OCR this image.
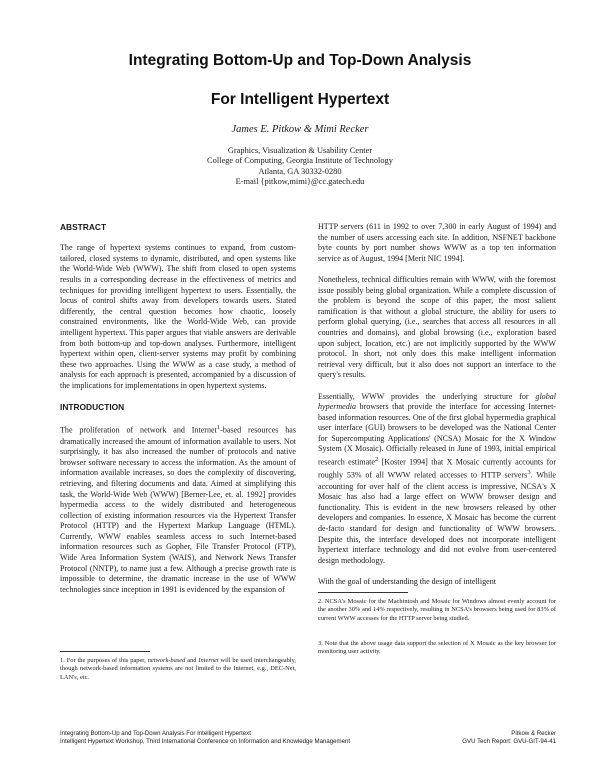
Integrating Bottom-Up and Top-Down Analysis
For Intelligent Hypertext
James E. Pitkow & Mimi Recker
Graphics, Visualization & Usability Center
College of Computing, Georgia Institute of Technology
Atlanta, GA 30332-0280
E-mail {pitkow,mimi}@cc.gatech.edu
ABSTRACT

The range of hypertext systems continues to expand, from custom-tailored, closed systems to dynamic, distributed, and open systems like the World-Wide Web (WWW). The shift from closed to open systems results in a corresponding decrease in the effectiveness of metrics and techniques for providing intelligent hypertext to users. Essentially, the locus of control shifts away from developers towards users. Stated differently, the central question becomes how chaotic, loosely constrained environments, like the World-Wide Web, can provide intelligent hypertext. This paper argues that viable answers are derivable from both bottom-up and top-down analyses. Furthermore, intelligent hypertext within open, client-server systems may profit by combining these two approaches. Using the WWW as a case study, a method of analysis for each approach is presented, accompanied by a discussion of the implications for implementations in open hypertext systems.

INTRODUCTION

The proliferation of network and Internet$^1$-based resources has dramatically increased the amount of information available to users. Not surprisingly, it has also increased the number of protocols and native browser software necessary to access the information. As the amount of information available increases, so does the complexity of discovering, retrieving, and filtering documents and data. Aimed at simplifying this task, the World-Wide Web (WWW) [Berner-Lee, et. al. 1992] provides hypermedia access to the widely distributed and heterogeneous collection of existing information resources via the Hypertext Transfer Protocol (HTTP) and the Hypertext Markup Language (HTML). Currently, WWW enables seamless access to such Internet-based information resources such as Gopher, File Transfer Protocol (FTP), Wide Area Information System (WAIS), and Network News Transfer Protocol (NNTP), to name just a few. Although a precise growth rate is impossible to determine, the dramatic increase in the use of WWW technologies since inception in 1991 is evidenced by the expansion of

HTTP servers (611 in 1992 to over 7,300 in early August of 1994) and the number of users accessing each site. In addition, NSFNET backbone byte counts by port number shows WWW as a top ten information service as of August, 1994 [Merit NIC 1994].

Nonetheless, technical difficulties remain with WWW, with the foremost issue possibly being global organization. While a complete discussion of the problem is beyond the scope of this paper, the most salient ramification is that without a global structure, the ability for users to perform global querying, (i.e., searches that access all resources in all countries and domains), and global browsing (i.e., exploration based upon subject, location, etc.) are not implicitly supported by the WWW protocol. In short, not only does this make intelligent information retrieval very difficult, but it also does not support an interface to the query's results.

Essentially, WWW provides the underlying structure for global hypermedia browsers that provide the interface for accessing Internet-based information resources. One of the first global hypermedia graphical user interface (GUI) browsers to be developed was the National Center for Supercomputing Applications' (NCSA) Mosaic for the X Window System (X Mosaic). Officially released in June of 1993, initial empirical research estimate$^2$ [Koster 1994] that X Mosaic currently accounts for roughly 53% of all WWW related accesses to HTTP servers$^3$. While accounting for over half of the client access is impressive, NCSA's X Mosaic has also had a large effect on WWW browser design and functionality. This is evident in the new browsers released by other developers and companies. In essence, X Mosaic has become the current de-facto standard for design and functionality of WWW browsers. Despite this, the interface developed does not incorporate intelligent hypertext interface technology and did not evolve from user-centered design methodology.

With the goal of understanding the design of intelligent

1. For the purposes of this paper, network-based and Internet will be used interchangeably, though network-based information systems are not limited to the Internet, e.g., DEC-Net, LAN's, etc.
2. NCSA's Mosaic for the Machintosh and Mosaic for Windows almost evenly account for the another 30% and 14% respectively, resulting in NCSA's browsers being used for 83% of current WWW accesses for the HTTP server being studied.
3. Note that the above usage data support the selection of X Mosaic as the key browser for monitoring user activity.
Integrating Bottom-Up and Top-Down Analysis For Intelligent Hypertext
Intelligent Hypertext Workshop, Third International Conference on Information and Knowledge Management
Pitkow & Recker
GVU Tech Report: GVU-GIT-94-41
